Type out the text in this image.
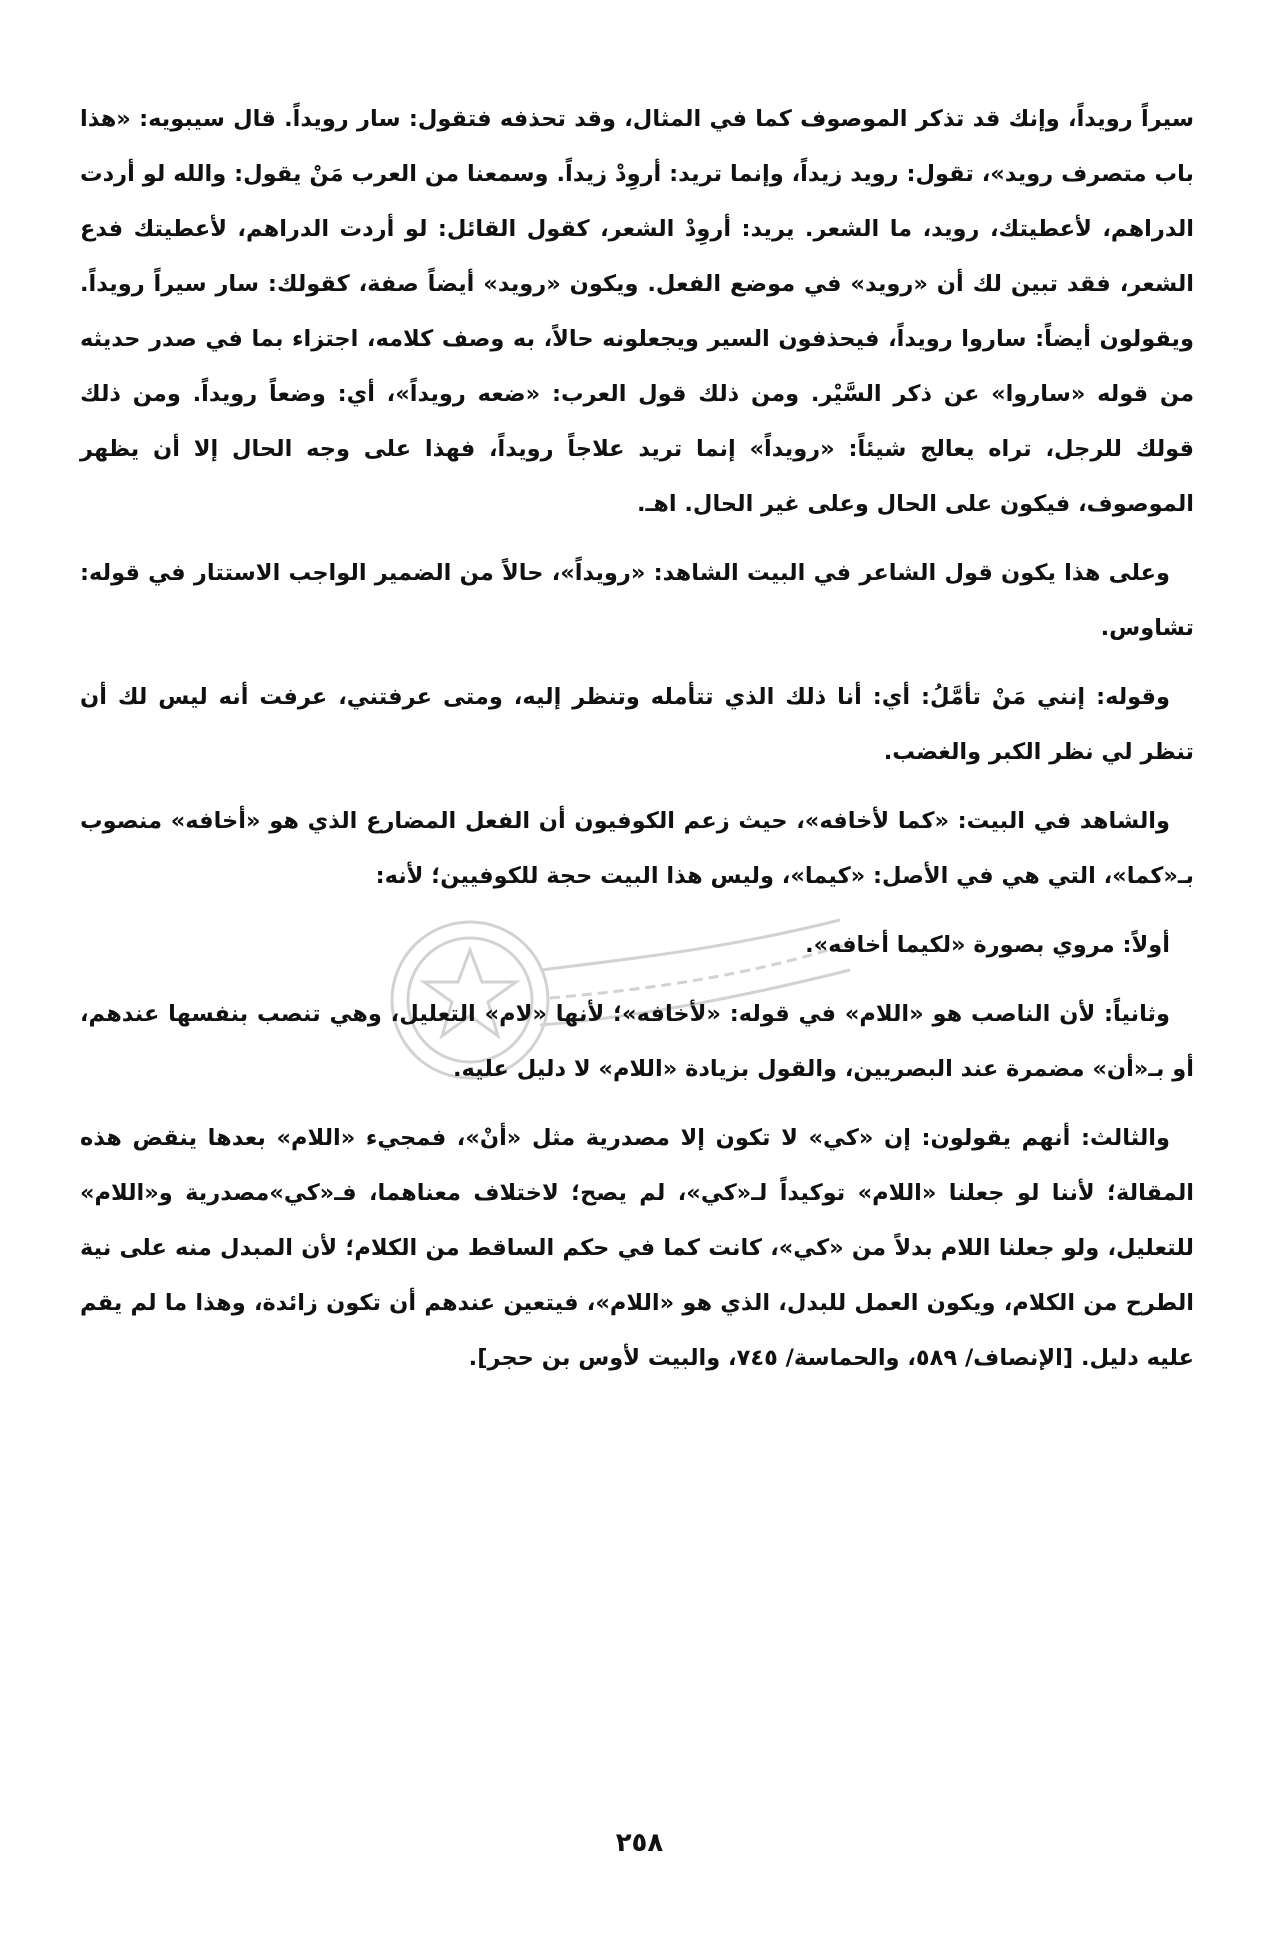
سيراً رويداً، وإنك قد تذكر الموصوف كما في المثال، وقد تحذفه فتقول: سار رويداً. قال سيبويه: «هذا باب متصرف رويد»، تقول: رويد زيداً، وإنما تريد: أروِدْ زيداً. وسمعنا من العرب مَنْ يقول: والله لو أردت الدراهم، لأعطيتك، رويد، ما الشعر. يريد: أروِدْ الشعر، كقول القائل: لو أردت الدراهم، لأعطيتك فدع الشعر، فقد تبين لك أن «رويد» في موضع الفعل. ويكون «رويد» أيضاً صفة، كقولك: سار سيراً رويداً. ويقولون أيضاً: ساروا رويداً، فيحذفون السير ويجعلونه حالاً، به وصف كلامه، اجتزاء بما في صدر حديثه من قوله «ساروا» عن ذكر السَّيْر. ومن ذلك قول العرب: «ضعه رويداً»، أي: وضعاً رويداً. ومن ذلك قولك للرجل، تراه يعالج شيئاً: «رويداً» إنما تريد علاجاً رويداً، فهذا على وجه الحال إلا أن يظهر الموصوف، فيكون على الحال وعلى غير الحال. اهـ.

وعلى هذا يكون قول الشاعر في البيت الشاهد: «رويداً»، حالاً من الضمير الواجب الاستتار في قوله: تشاوس.

وقوله: إنني مَنْ تأمَّلُ: أي: أنا ذلك الذي تتأمله وتنظر إليه، ومتى عرفتني، عرفت أنه ليس لك أن تنظر لي نظر الكبر والغضب.

والشاهد في البيت: «كما لأخافه»، حيث زعم الكوفيون أن الفعل المضارع الذي هو «أخافه» منصوب بـ«كما»، التي هي في الأصل: «كيما»، وليس هذا البيت حجة للكوفيين؛ لأنه:

أولاً: مروي بصورة «لكيما أخافه».

وثانياً: لأن الناصب هو «اللام» في قوله: «لأخافه»؛ لأنها «لام» التعليل، وهي تنصب بنفسها عندهم، أو بـ«أن» مضمرة عند البصريين، والقول بزيادة «اللام» لا دليل عليه.

والثالث: أنهم يقولون: إن «كي» لا تكون إلا مصدرية مثل «أنْ»، فمجيء «اللام» بعدها ينقض هذه المقالة؛ لأننا لو جعلنا «اللام» توكيداً لـ«كي»، لم يصح؛ لاختلاف معناهما، فـ«كي»مصدرية و«اللام» للتعليل، ولو جعلنا اللام بدلاً من «كي»، كانت كما في حكم الساقط من الكلام؛ لأن المبدل منه على نية الطرح من الكلام، ويكون العمل للبدل، الذي هو «اللام»، فيتعين عندهم أن تكون زائدة، وهذا ما لم يقم عليه دليل. [الإنصاف/ ٥٨٩، والحماسة/ ٧٤٥، والبيت لأوس بن حجر].

٢٥٨
